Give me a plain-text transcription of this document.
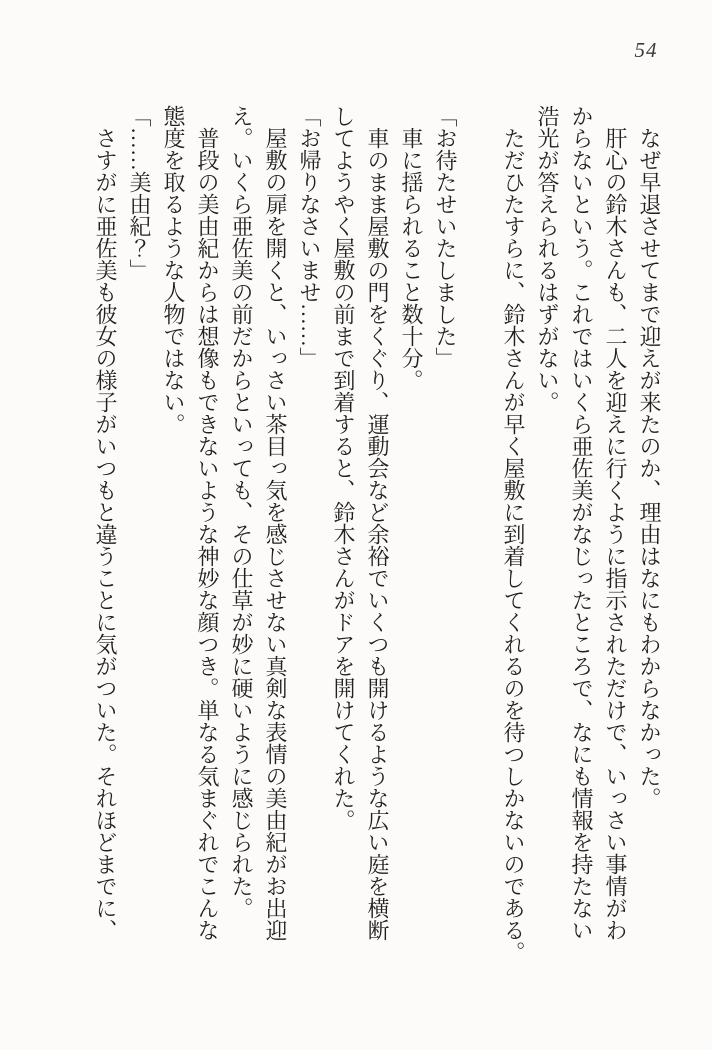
54
なぜ早退させてまで迎えが来たのか、理由はなにもわからなかった。
肝心の鈴木さんも、二人を迎えに行くように指示されただけで、いっさい事情がわ
からないという。これではいくら亜佐美がなじったところで、なにも情報を持たない
浩光が答えられるはずがない。
ただひたすらに、鈴木さんが早く屋敷に到着してくれるのを待つしかないのである。
「お待たせいたしました」
車に揺られること数十分。
車のまま屋敷の門をくぐり、運動会など余裕でいくつも開けるような広い庭を横断
してようやく屋敷の前まで到着すると、鈴木さんがドアを開けてくれた。
「お帰りなさいませ……」
屋敷の扉を開くと、いっさい茶目っ気を感じさせない真剣な表情の美由紀がお出迎
え。いくら亜佐美の前だからといっても、その仕草が妙に硬いように感じられた。
普段の美由紀からは想像もできないような神妙な顔つき。単なる気まぐれでこんな
態度を取るような人物ではない。
「……美由紀？」
さすがに亜佐美も彼女の様子がいつもと違うことに気がついた。それほどまでに、
